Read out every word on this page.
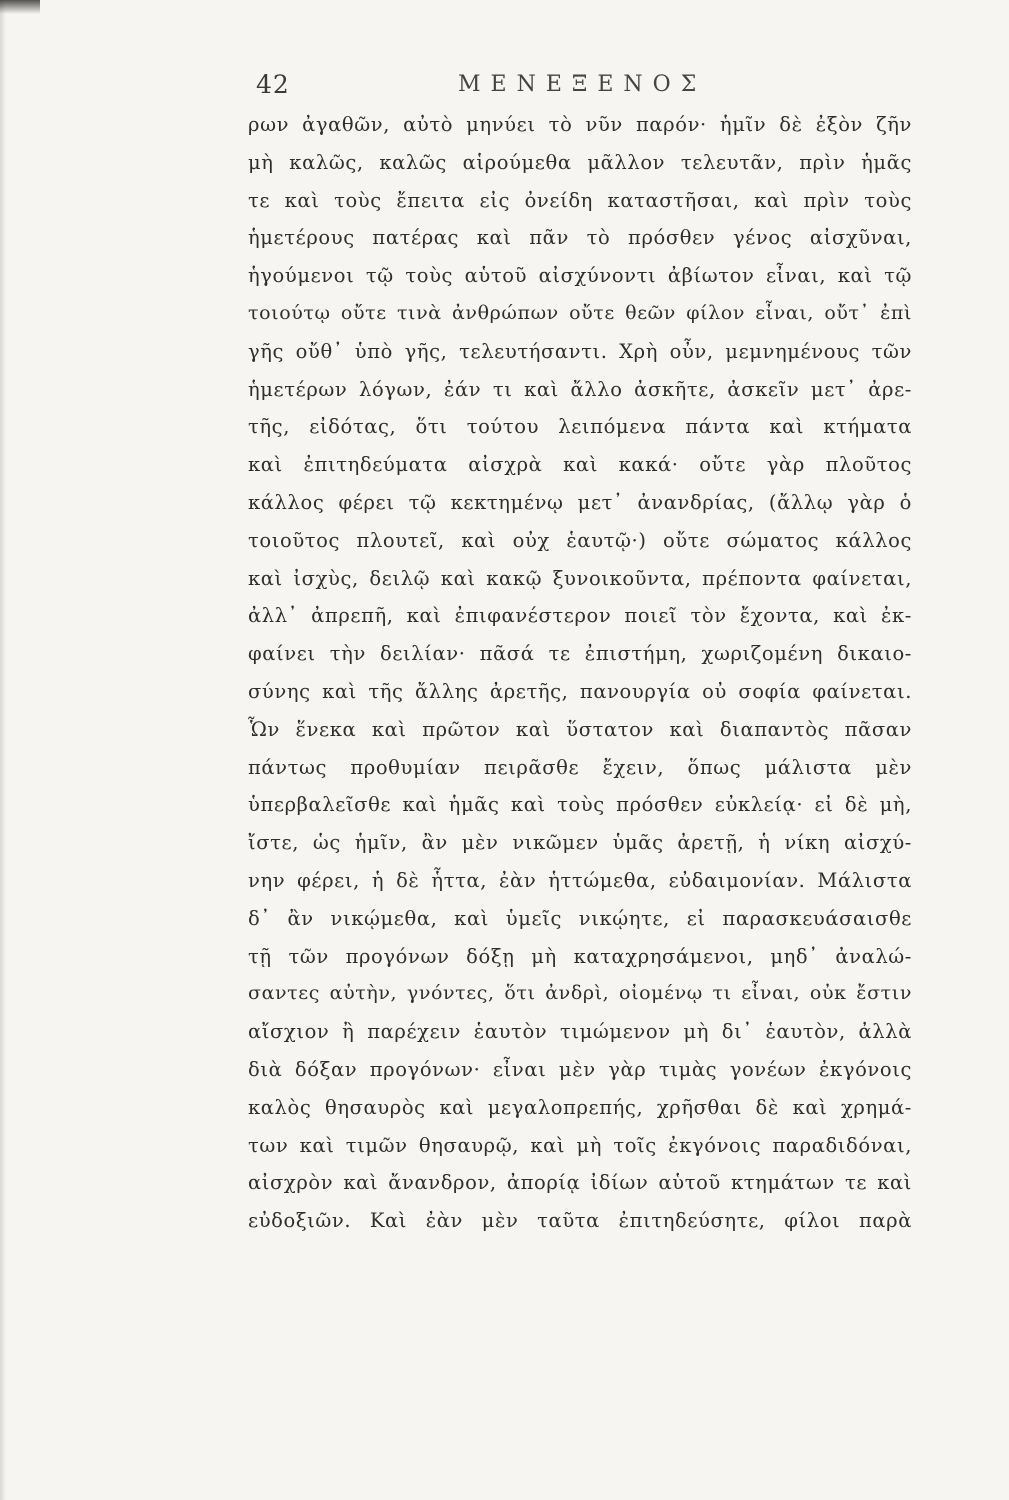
42	ΜΕΝΕΞΕΝΟΣ
ρων ἀγαθῶν, αὐτὸ μηνύει τὸ νῦν παρόν· ἡμῖν δὲ ἐξὸν ζῆν
μὴ καλῶς, καλῶς αἱρούμεθα μᾶλλον τελευτᾶν, πρὶν ἡμᾶς
τε καὶ τοὺς ἔπειτα εἰς ὀνείδη καταστῆσαι, καὶ πρὶν τοὺς
ἡμετέρους πατέρας καὶ πᾶν τὸ πρόσθεν γένος αἰσχῦναι,
ἡγούμενοι τῷ τοὺς αὑτοῦ αἰσχύνοντι ἀβίωτον εἶναι, καὶ τῷ
τοιούτῳ οὔτε τινὰ ἀνθρώπων οὔτε θεῶν φίλον εἶναι, οὔτ᾽ ἐπὶ
γῆς οὔθ᾽ ὑπὸ γῆς, τελευτήσαντι. Χρὴ οὖν, μεμνημένους τῶν
ἡμετέρων λόγων, ἐάν τι καὶ ἄλλο ἀσκῆτε, ἀσκεῖν μετ᾽ ἀρε-
τῆς, εἰδότας, ὅτι τούτου λειπόμενα πάντα καὶ κτήματα
καὶ ἐπιτηδεύματα αἰσχρὰ καὶ κακά· οὔτε γὰρ πλοῦτος
κάλλος φέρει τῷ κεκτημένῳ μετ᾽ ἀνανδρίας, (ἄλλῳ γὰρ ὁ
τοιοῦτος πλουτεῖ, καὶ οὐχ ἑαυτῷ·) οὔτε σώματος κάλλος
καὶ ἰσχὺς, δειλῷ καὶ κακῷ ξυνοικοῦντα, πρέποντα φαίνεται,
ἀλλ᾽ ἀπρεπῆ, καὶ ἐπιφανέστερον ποιεῖ τὸν ἔχοντα, καὶ ἐκ-
φαίνει τὴν δειλίαν· πᾶσά τε ἐπιστήμη, χωριζομένη δικαιο-
σύνης καὶ τῆς ἄλλης ἀρετῆς, πανουργία οὐ σοφία φαίνεται.
Ὧν ἕνεκα καὶ πρῶτον καὶ ὕστατον καὶ διαπαντὸς πᾶσαν
πάντως προθυμίαν πειρᾶσθε ἔχειν, ὅπως μάλιστα μὲν
ὑπερβαλεῖσθε καὶ ἡμᾶς καὶ τοὺς πρόσθεν εὐκλείᾳ· εἰ δὲ μὴ,
ἴστε, ὡς ἡμῖν, ἂν μὲν νικῶμεν ὑμᾶς ἀρετῇ, ἡ νίκη αἰσχύ-
νην φέρει, ἡ δὲ ἧττα, ἐὰν ἡττώμεθα, εὐδαιμονίαν. Μάλιστα
δ᾽ ἂν νικῴμεθα, καὶ ὑμεῖς νικῴητε, εἰ παρασκευάσαισθε
τῇ τῶν προγόνων δόξῃ μὴ καταχρησάμενοι, μηδ᾽ ἀναλώ-
σαντες αὐτὴν, γνόντες, ὅτι ἀνδρὶ, οἰομένῳ τι εἶναι, οὐκ ἔστιν
αἴσχιον ἢ παρέχειν ἑαυτὸν τιμώμενον μὴ δι᾽ ἑαυτὸν, ἀλλὰ
διὰ δόξαν προγόνων· εἶναι μὲν γὰρ τιμὰς γονέων ἐκγόνοις
καλὸς θησαυρὸς καὶ μεγαλοπρεπής, χρῆσθαι δὲ καὶ χρημά-
των καὶ τιμῶν θησαυρῷ, καὶ μὴ τοῖς ἐκγόνοις παραδιδόναι,
αἰσχρὸν καὶ ἄνανδρον, ἀπορίᾳ ἰδίων αὑτοῦ κτημάτων τε καὶ
εὐδοξιῶν. Καὶ ἐὰν μὲν ταῦτα ἐπιτηδεύσητε, φίλοι παρὰ
